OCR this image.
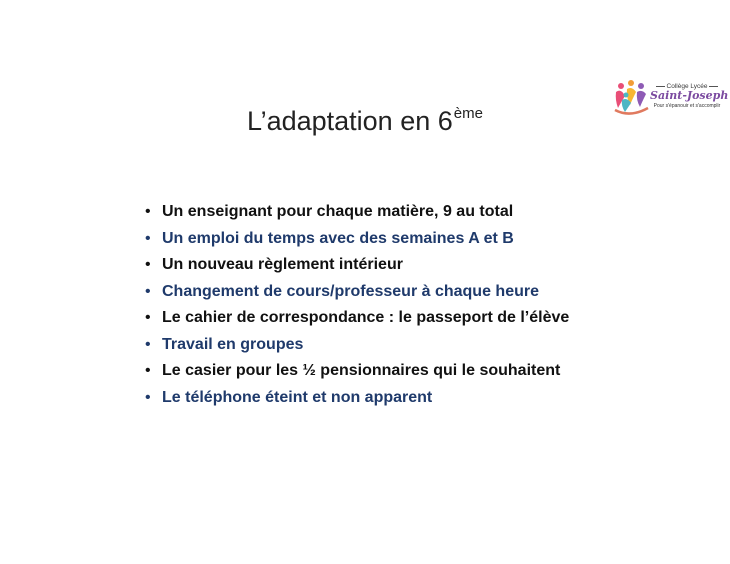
Collège Lycée
Saint-Joseph
Pour s'épanouir et s'accomplir
L’adaptation en 6ème
• Un enseignant pour chaque matière, 9 au total
• Un emploi du temps avec des semaines A et B
• Un nouveau règlement intérieur
• Changement de cours/professeur à chaque heure
• Le cahier de correspondance : le passeport de l’élève
• Travail en groupes
• Le casier pour les ½ pensionnaires qui le souhaitent
• Le téléphone éteint et non apparent
